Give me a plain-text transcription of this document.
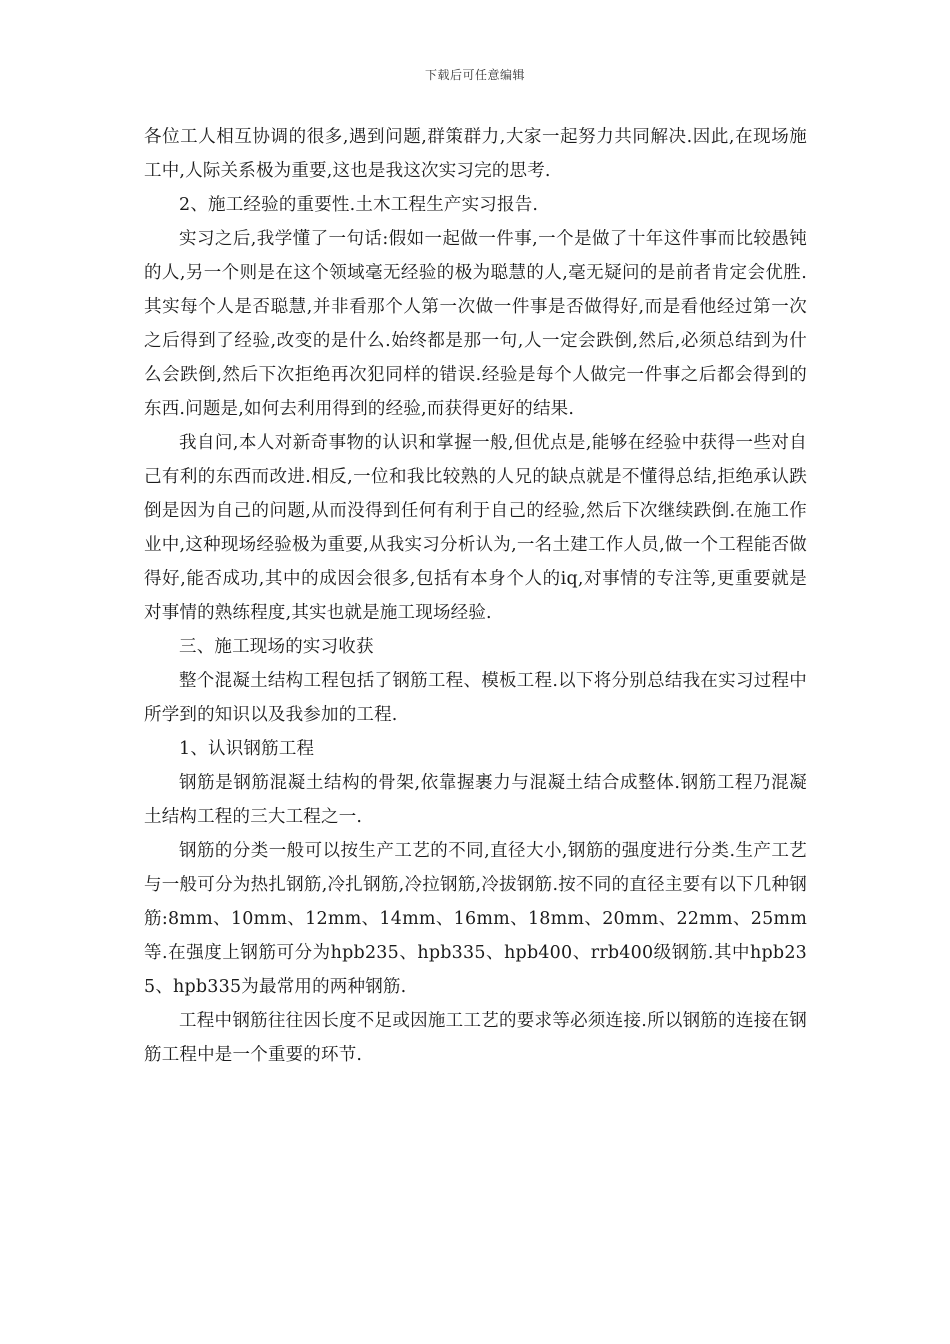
下载后可任意编辑

各位工人相互协调的很多,遇到问题,群策群力,大家一起努力共同解决.因此,在现场施工中,人际关系极为重要,这也是我这次实习完的思考.

2、施工经验的重要性.土木工程生产实习报告.

实习之后,我学懂了一句话:假如一起做一件事,一个是做了十年这件事而比较愚钝的人,另一个则是在这个领域毫无经验的极为聪慧的人,毫无疑问的是前者肯定会优胜.其实每个人是否聪慧,并非看那个人第一次做一件事是否做得好,而是看他经过第一次之后得到了经验,改变的是什么.始终都是那一句,人一定会跌倒,然后,必须总结到为什么会跌倒,然后下次拒绝再次犯同样的错误.经验是每个人做完一件事之后都会得到的东西.问题是,如何去利用得到的经验,而获得更好的结果.

我自问,本人对新奇事物的认识和掌握一般,但优点是,能够在经验中获得一些对自己有利的东西而改进.相反,一位和我比较熟的人兄的缺点就是不懂得总结,拒绝承认跌倒是因为自己的问题,从而没得到任何有利于自己的经验,然后下次继续跌倒.在施工作业中,这种现场经验极为重要,从我实习分析认为,一名土建工作人员,做一个工程能否做得好,能否成功,其中的成因会很多,包括有本身个人的iq,对事情的专注等,更重要就是对事情的熟练程度,其实也就是施工现场经验.

三、施工现场的实习收获

整个混凝土结构工程包括了钢筋工程、模板工程.以下将分别总结我在实习过程中所学到的知识以及我参加的工程.

1、认识钢筋工程

钢筋是钢筋混凝土结构的骨架,依靠握裹力与混凝土结合成整体.钢筋工程乃混凝土结构工程的三大工程之一.

钢筋的分类一般可以按生产工艺的不同,直径大小,钢筋的强度进行分类.生产工艺与一般可分为热扎钢筋,冷扎钢筋,冷拉钢筋,冷拔钢筋.按不同的直径主要有以下几种钢筋:8mm、10mm、12mm、14mm、16mm、18mm、20mm、22mm、25mm等.在强度上钢筋可分为hpb235、hpb335、hpb400、rrb400级钢筋.其中hpb235、hpb335为最常用的两种钢筋.

工程中钢筋往往因长度不足或因施工工艺的要求等必须连接.所以钢筋的连接在钢筋工程中是一个重要的环节.
